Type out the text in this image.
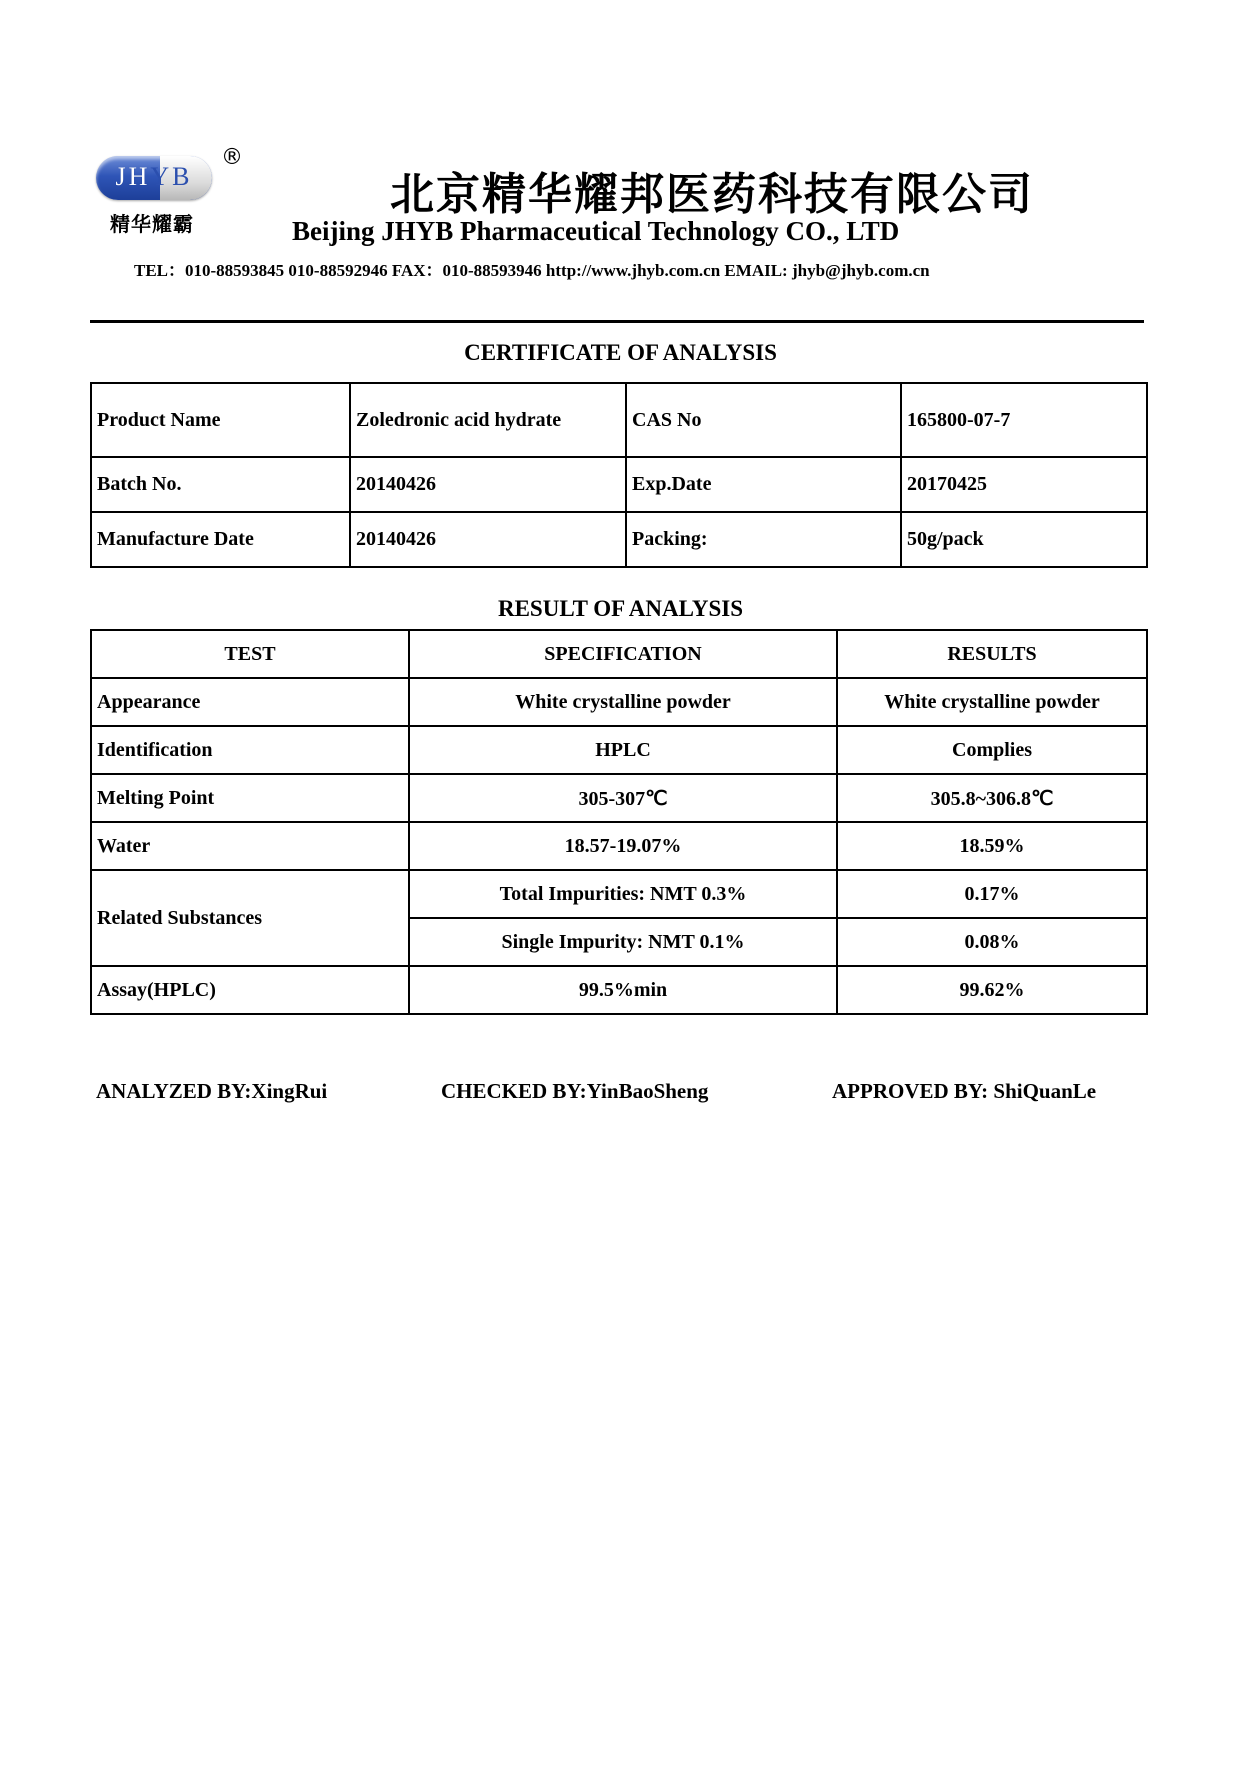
JHYB
®
精华耀霸
北京精华耀邦医药科技有限公司
Beijing JHYB Pharmaceutical Technology CO., LTD
TEL：010-88593845 010-88592946 FAX：010-88593946 http://www.jhyb.com.cn EMAIL: jhyb@jhyb.com.cn
CERTIFICATE OF ANALYSIS
Product Name	Zoledronic acid hydrate	CAS No	165800-07-7
Batch No.	20140426	Exp.Date	20170425
Manufacture Date	20140426	Packing:	50g/pack
RESULT OF ANALYSIS
TEST	SPECIFICATION	RESULTS
Appearance	White crystalline powder	White crystalline powder
Identification	HPLC	Complies
Melting Point	305-307℃	305.8~306.8℃
Water	18.57-19.07%	18.59%
Related Substances	Total Impurities: NMT 0.3%	0.17%
	Single Impurity: NMT 0.1%	0.08%
Assay(HPLC)	99.5%min	99.62%
ANALYZED BY:XingRui	CHECKED BY:YinBaoSheng	APPROVED BY: ShiQuanLe
